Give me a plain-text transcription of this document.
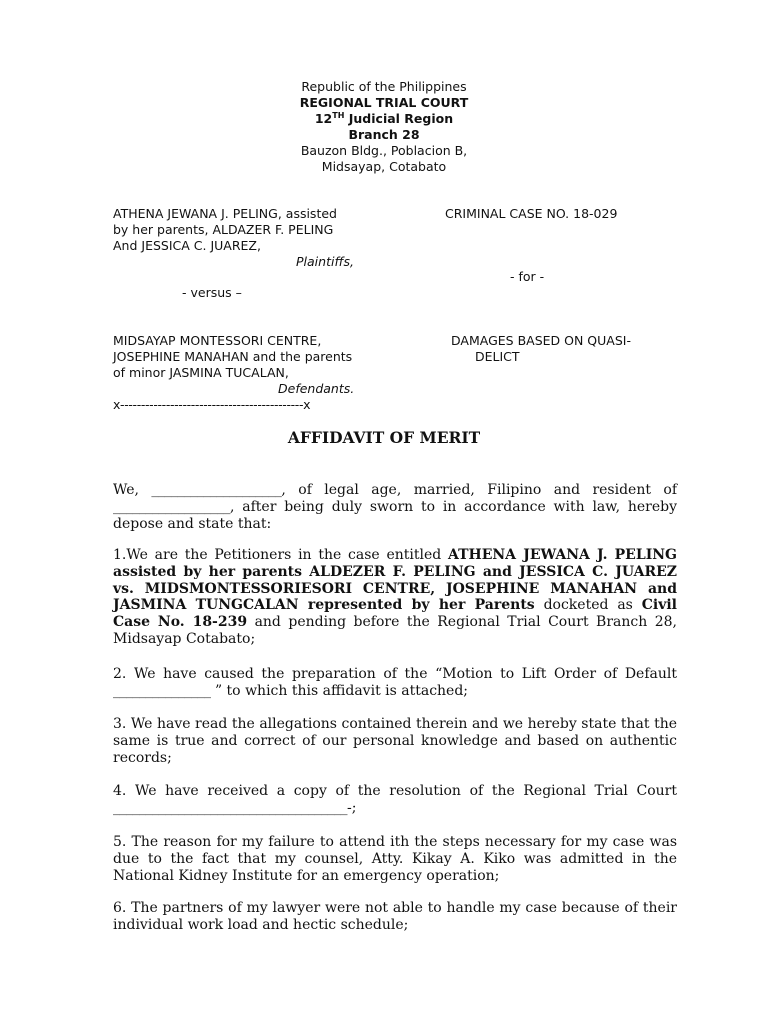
Republic of the Philippines
REGIONAL TRIAL COURT
12TH Judicial Region
Branch 28
Bauzon Bldg., Poblacion B,
Midsayap, Cotabato
ATHENA JEWANA J. PELING, assisted
by her parents, ALDAZER F. PELING
And JESSICA C. JUAREZ,
Plaintiffs,
- versus –
CRIMINAL CASE NO. 18-029
- for -
MIDSAYAP MONTESSORI CENTRE,
JOSEPHINE MANAHAN and the parents
of minor JASMINA TUCALAN,
Defendants.
DAMAGES BASED ON QUASI-
DELICT
x--------------------------------------------x
AFFIDAVIT OF MERIT

We, ____________________, of legal age, married, Filipino and resident of __________________, after being duly sworn to in accordance with law, hereby depose and state that:

1.We are the Petitioners in the case entitled ATHENA JEWANA J. PELING assisted by her parents ALDEZER F. PELING and JESSICA C. JUAREZ vs. MIDSMONTESSORIESORI CENTRE, JOSEPHINE MANAHAN and JASMINA TUNGCALAN represented by her Parents docketed as Civil Case No. 18-239 and pending before the Regional Trial Court Branch 28, Midsayap Cotabato;

2. We have caused the preparation of the “Motion to Lift Order of Default _______________ ” to which this affidavit is attached;

3. We have read the allegations contained therein and we hereby state that the same is true and correct of our personal knowledge and based on authentic records;

4. We have received a copy of the resolution of the Regional Trial Court ____________________________________-;

5. The reason for my failure to attend ith the steps necessary for my case was due to the fact that my counsel, Atty. Kikay A. Kiko was admitted in the National Kidney Institute for an emergency operation;

6. The partners of my lawyer were not able to handle my case because of their individual work load and hectic schedule;
